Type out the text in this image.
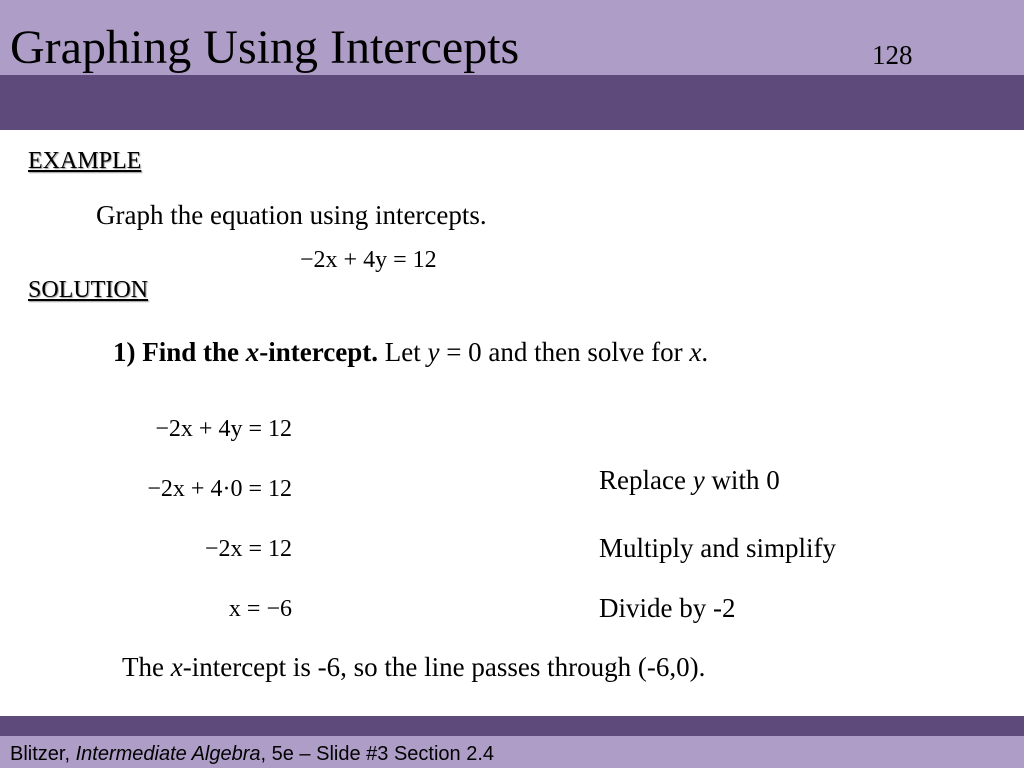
Graphing Using Intercepts	128
EXAMPLE
Graph the equation using intercepts.
−2x + 4y = 12
SOLUTION
1) Find the x-intercept. Let y = 0 and then solve for x.
−2x + 4y = 12
−2x + 4·0 = 12
−2x = 12
x = −6
Replace y with 0
Multiply and simplify
Divide by -2
The x-intercept is -6, so the line passes through (-6,0).
Blitzer, Intermediate Algebra, 5e – Slide #3 Section 2.4
